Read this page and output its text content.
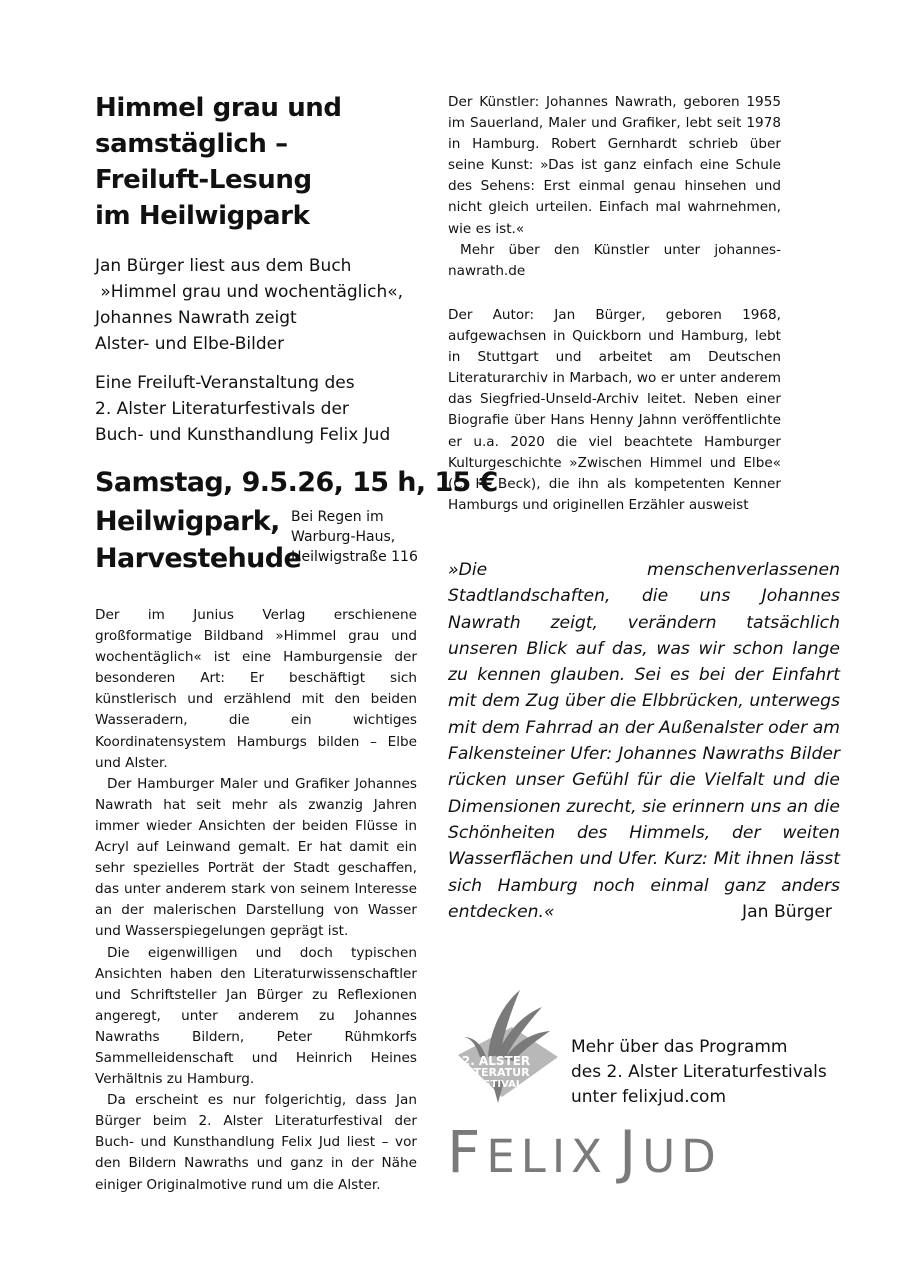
Himmel grau und
samstäglich –
Freiluft-Lesung
im Heilwigpark
Jan Bürger liest aus dem Buch
»Himmel grau und wochentäglich«,
Johannes Nawrath zeigt
Alster- und Elbe-Bilder
Eine Freiluft-Veranstaltung des
2. Alster Literaturfestivals der
Buch- und Kunsthandlung Felix Jud
Samstag, 9.5.26, 15 h, 15 €
Heilwigpark,
Harvestehude
Bei Regen im
Warburg-Haus,
Heilwigstraße 116

Der im Junius Verlag erschienene großformatige Bildband »Himmel grau und wochentäglich« ist eine Hamburgensie der besonderen Art: Er beschäftigt sich künstlerisch und erzählend mit den beiden Wasseradern, die ein wichtiges Koordinatensystem Hamburgs bilden – Elbe und Alster.

Der Hamburger Maler und Grafiker Johannes Nawrath hat seit mehr als zwanzig Jahren immer wieder Ansichten der beiden Flüsse in Acryl auf Leinwand gemalt. Er hat damit ein sehr spezielles Porträt der Stadt geschaffen, das unter anderem stark von seinem Interesse an der malerischen Darstellung von Wasser und Wasserspiegelungen geprägt ist.

Die eigenwilligen und doch typischen Ansichten haben den Literaturwissenschaftler und Schriftsteller Jan Bürger zu Reflexionen angeregt, unter anderem zu Johannes Nawraths Bildern, Peter Rühmkorfs Sammelleidenschaft und Heinrich Heines Verhältnis zu Hamburg.

Da erscheint es nur folgerichtig, dass Jan Bürger beim 2. Alster Literaturfestival der Buch- und Kunsthandlung Felix Jud liest – vor den Bildern Nawraths und ganz in der Nähe einiger Originalmotive rund um die Alster.

Der Künstler: Johannes Nawrath, geboren 1955 im Sauerland, Maler und Grafiker, lebt seit 1978 in Hamburg. Robert Gernhardt schrieb über seine Kunst: »Das ist ganz einfach eine Schule des Sehens: Erst einmal genau hinsehen und nicht gleich urteilen. Einfach mal wahrnehmen, wie es ist.«

Mehr über den Künstler unter johannes-nawrath.de

Der Autor: Jan Bürger, geboren 1968, aufgewachsen in Quickborn und Hamburg, lebt in Stuttgart und arbeitet am Deutschen Literaturarchiv in Marbach, wo er unter anderem das Siegfried-Unseld-Archiv leitet. Neben einer Biografie über Hans Henny Jahnn veröffentlichte er u.a. 2020 die viel beachtete Hamburger Kulturgeschichte »Zwischen Himmel und Elbe« (C. H. Beck), die ihn als kompetenten Kenner Hamburgs und originellen Erzähler ausweist

»Die menschenverlassenen Stadtlandschaften, die uns Johannes Nawrath zeigt, verändern tatsächlich unseren Blick auf das, was wir schon lange zu kennen glauben. Sei es bei der Einfahrt mit dem Zug über die Elbbrücken, unterwegs mit dem Fahrrad an der Außenalster oder am Falkensteiner Ufer: Johannes Nawraths Bilder rücken unser Gefühl für die Vielfalt und die Dimensionen zurecht, sie erinnern uns an die Schönheiten des Himmels, der weiten Wasserflächen und Ufer. Kurz: Mit ihnen lässt sich Hamburg noch einmal ganz anders entdecken.«	Jan Bürger
2. ALSTER
LITERATUR
FESTIVAL
Mehr über das Programm
des 2. Alster Literaturfestivals
unter felixjud.com
FELIX JUD
